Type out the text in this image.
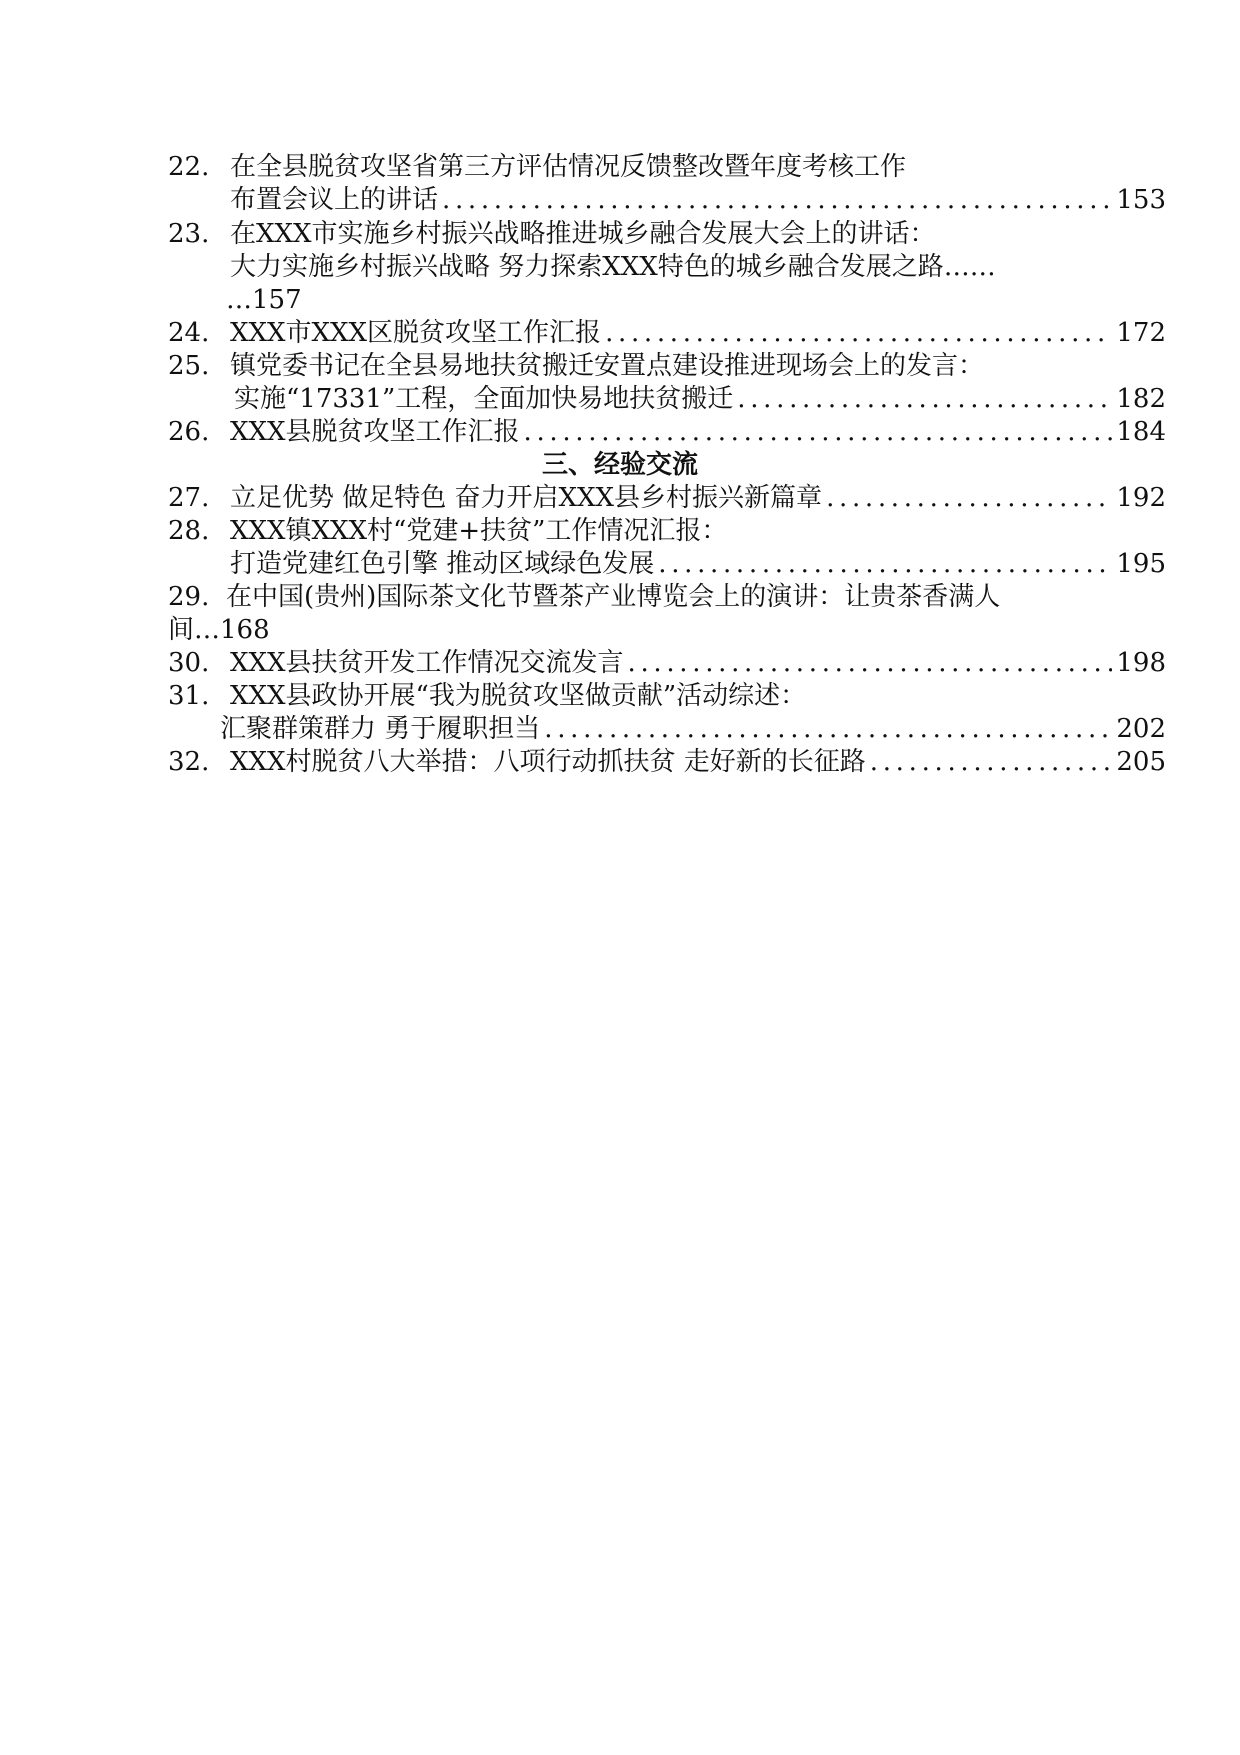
22. 在全县脱贫攻坚省第三方评估情况反馈整改暨年度考核工作
布置会议上的讲话 .....	153
23. 在XXX市实施乡村振兴战略推进城乡融合发展大会上的讲话：
大力实施乡村振兴战略 努力探索XXX特色的城乡融合发展之路……
…157
24. XXX市XXX区脱贫攻坚工作汇报 .....	172
25. 镇党委书记在全县易地扶贫搬迁安置点建设推进现场会上的发言：
实施“17331”工程，全面加快易地扶贫搬迁 .....	182
26. XXX县脱贫攻坚工作汇报 .....	184
三、经验交流
27. 立足优势 做足特色 奋力开启XXX县乡村振兴新篇章 .....	192
28. XXX镇XXX村“党建+扶贫”工作情况汇报：
打造党建红色引擎 推动区域绿色发展 .....	195
29. 在中国(贵州)国际茶文化节暨茶产业博览会上的演讲：让贵茶香满人
间…168
30. XXX县扶贫开发工作情况交流发言 .....	198
31. XXX县政协开展“我为脱贫攻坚做贡献”活动综述：
汇聚群策群力 勇于履职担当 .....	202
32. XXX村脱贫八大举措：八项行动抓扶贫 走好新的长征路 .....	205
